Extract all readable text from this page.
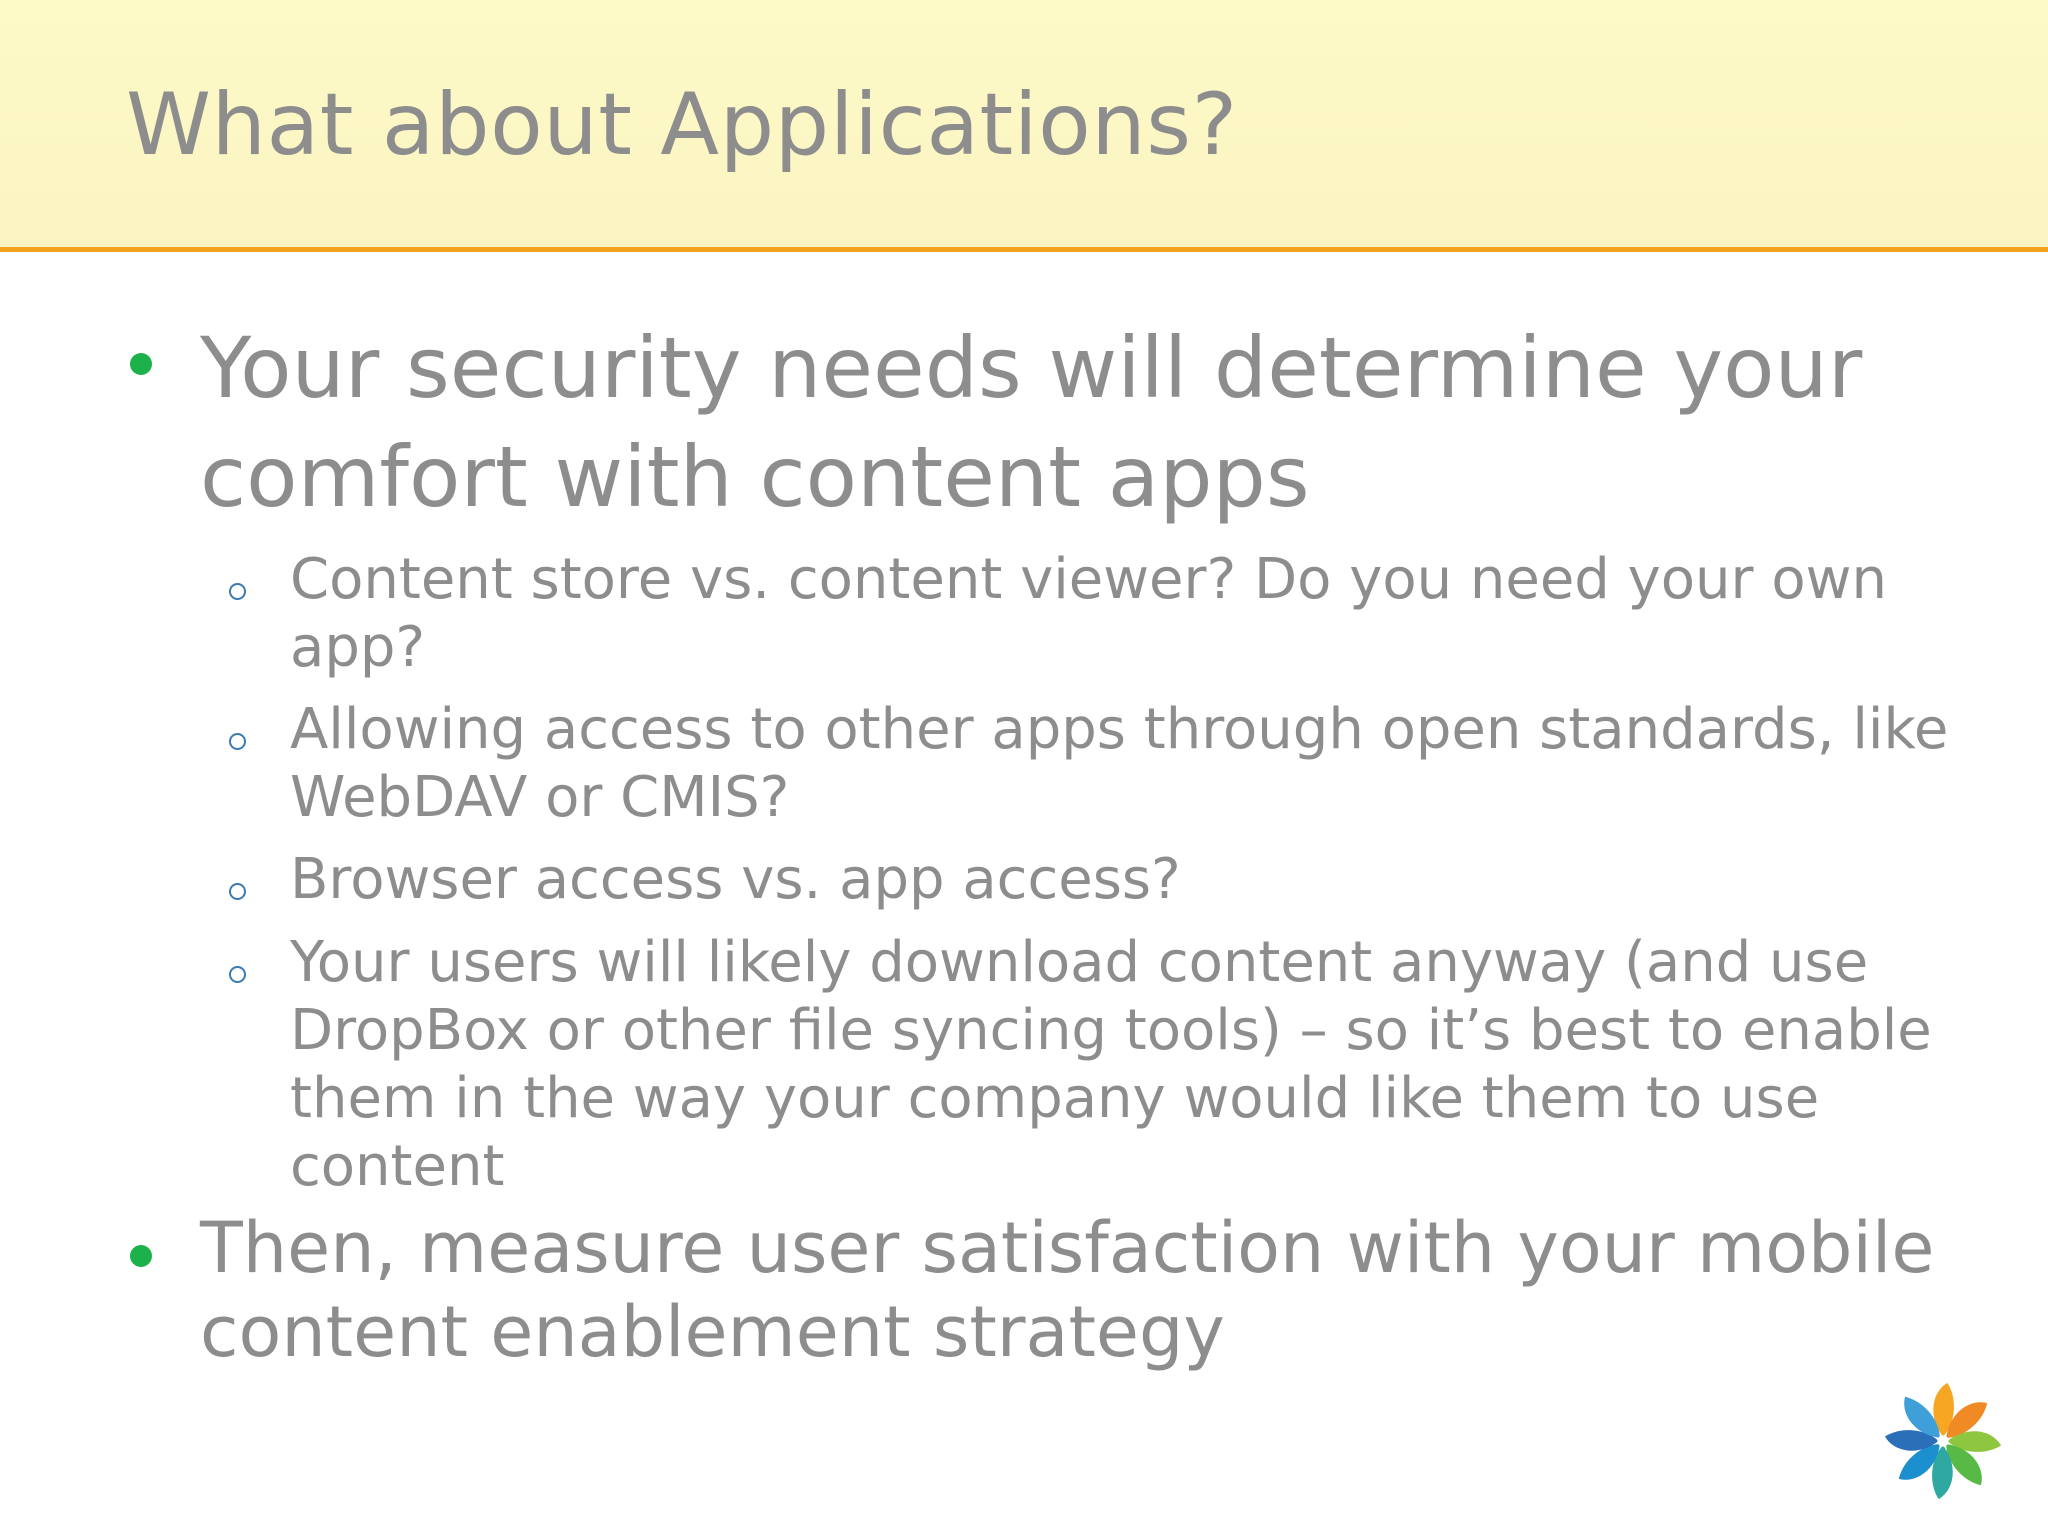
What about Applications?
Your security needs will determine your comfort with content apps
Content store vs. content viewer? Do you need your own app?
Allowing access to other apps through open standards, like WebDAV or CMIS?
Browser access vs. app access?
Your users will likely download content anyway (and use DropBox or other file syncing tools) – so it’s best to enable them in the way your company would like them to use content
Then, measure user satisfaction with your mobile content enablement strategy
